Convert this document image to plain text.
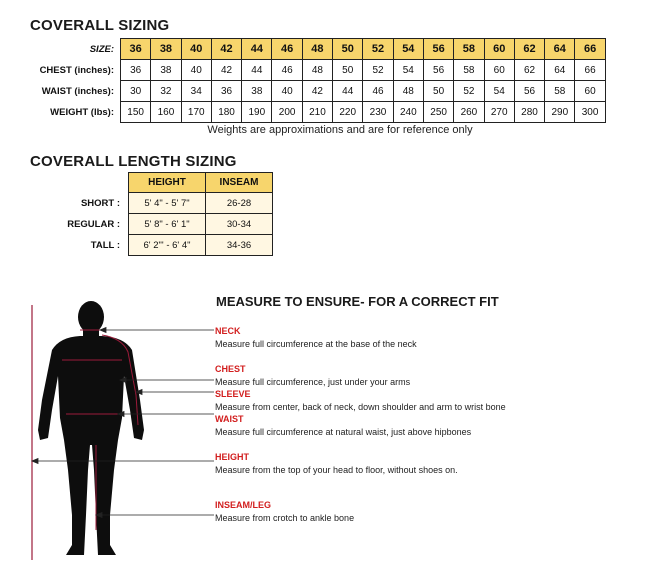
COVERALL SIZING
SIZE:	36	38	40	42	44	46	48	50	52	54	56	58	60	62	64	66
CHEST (inches):	36	38	40	42	44	46	48	50	52	54	56	58	60	62	64	66
WAIST (inches):	30	32	34	36	38	40	42	44	46	48	50	52	54	56	58	60
WEIGHT (lbs):	150	160	170	180	190	200	210	220	230	240	250	260	270	280	290	300
Weights are approximations and are for reference only
COVERALL LENGTH SIZING
	HEIGHT	INSEAM
SHORT :	5' 4" - 5' 7"	26-28
REGULAR :	5' 8" - 6' 1"	30-34
TALL :	6' 2"' - 6' 4"	34-36
MEASURE TO ENSURE- FOR A CORRECT FIT
NECK
Measure full circumference at the base of the neck
CHEST
Measure full circumference, just under your arms
SLEEVE
Measure from center, back of neck, down shoulder and arm to wrist bone
WAIST
Measure full circumference at natural waist, just above hipbones
HEIGHT
Measure from the top of your head to floor, without shoes on.
INSEAM/LEG
Measure from crotch to ankle bone
